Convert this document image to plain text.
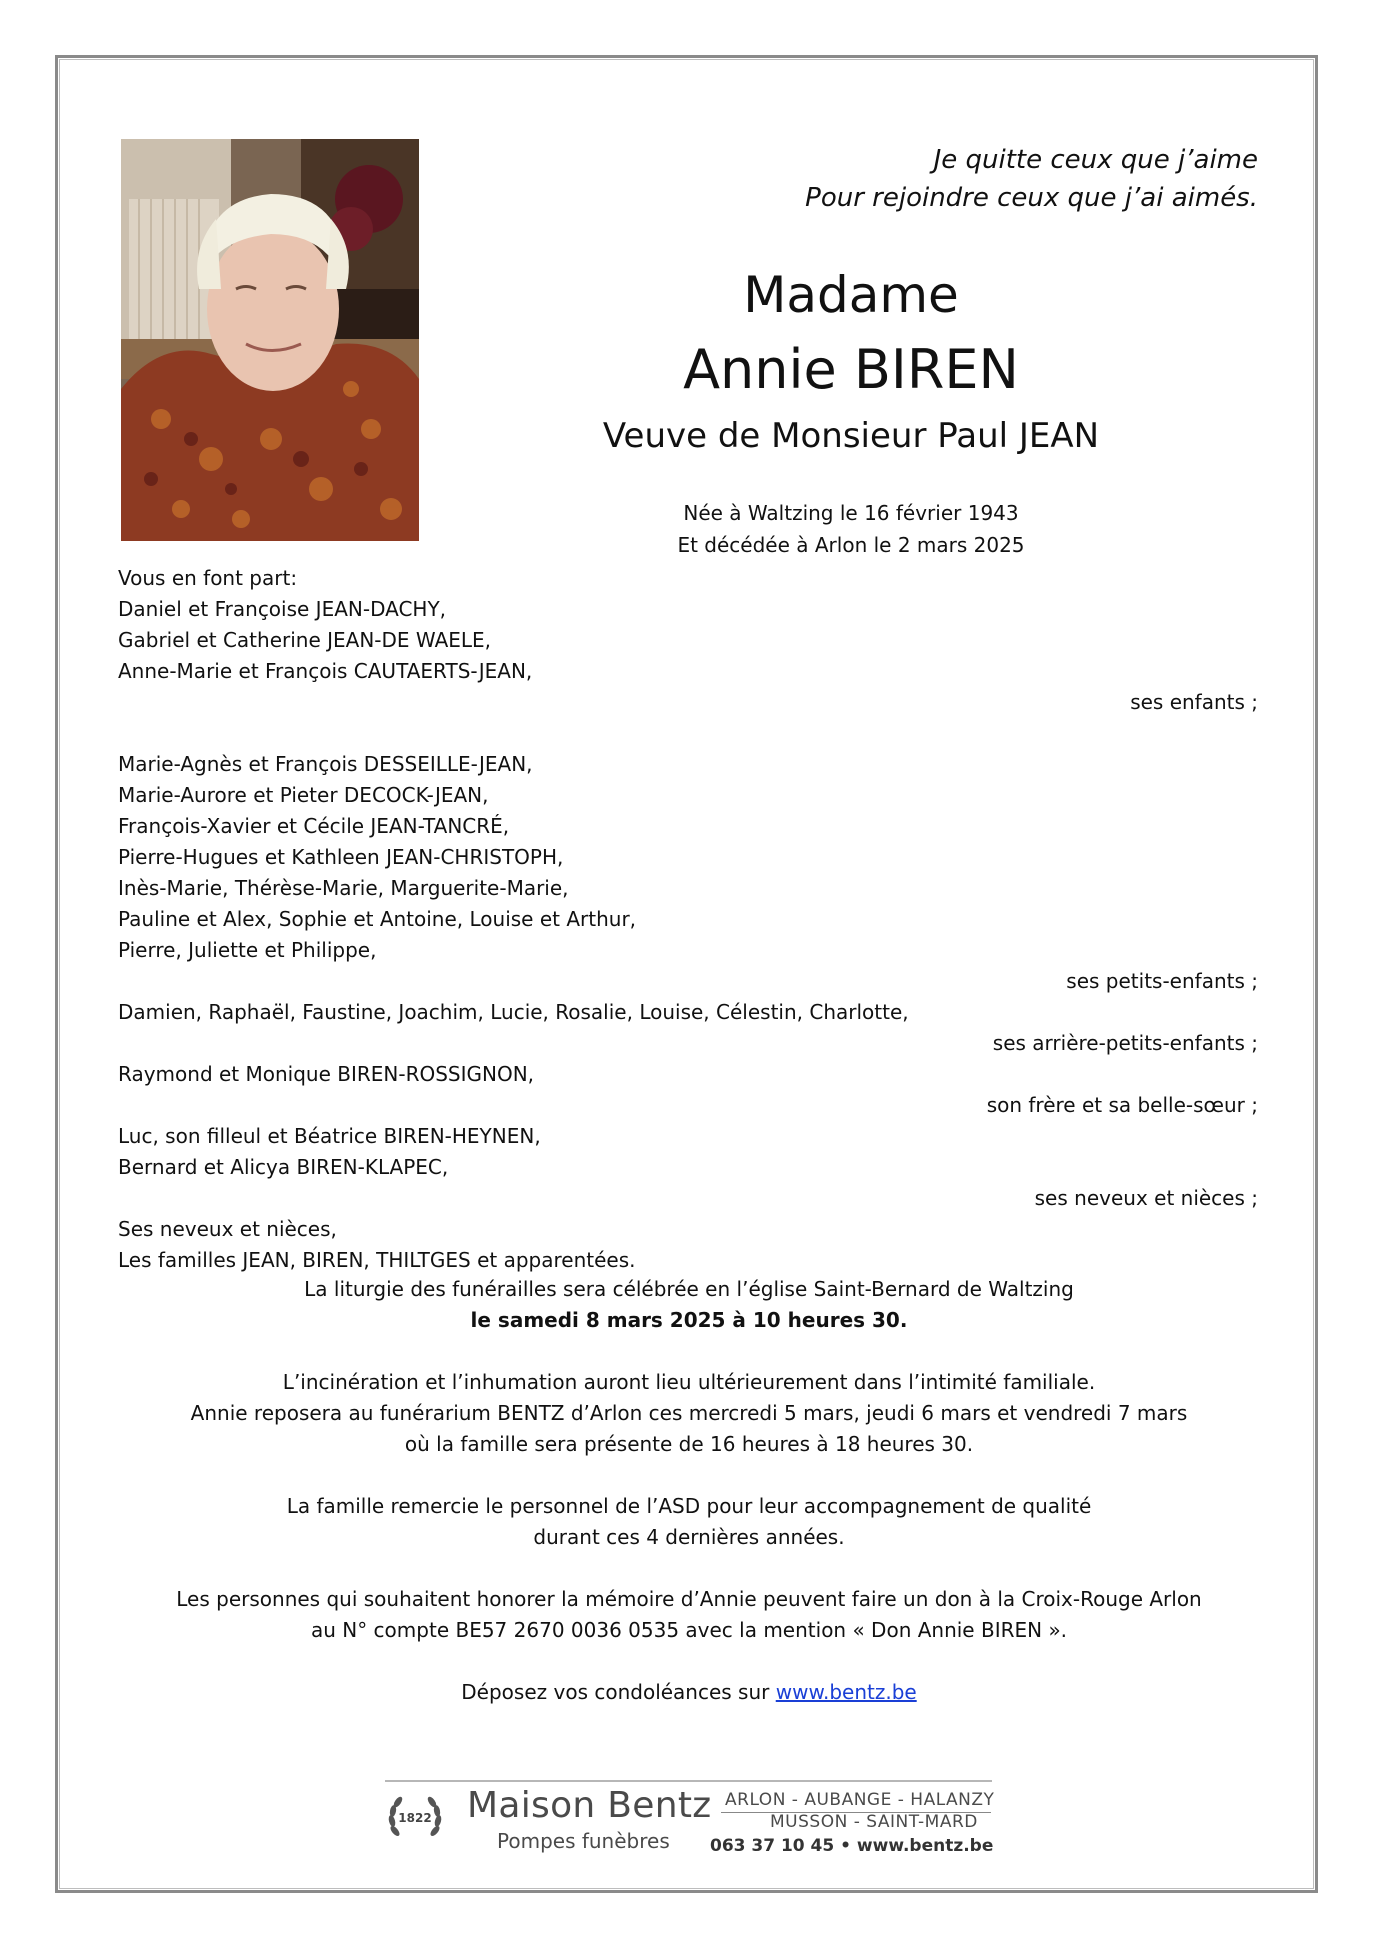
Je quitte ceux que j’aime
Pour rejoindre ceux que j’ai aimés.
Madame
Annie BIREN
Veuve de Monsieur Paul JEAN
Née à Waltzing le 16 février 1943
Et décédée à Arlon le 2 mars 2025
Vous en font part:
Daniel et Françoise JEAN-DACHY,
Gabriel et Catherine JEAN-DE WAELE,
Anne-Marie et François CAUTAERTS-JEAN,
ses enfants ;
Marie-Agnès et François DESSEILLE-JEAN,
Marie-Aurore et Pieter DECOCK-JEAN,
François-Xavier et Cécile JEAN-TANCRÉ,
Pierre-Hugues et Kathleen JEAN-CHRISTOPH,
Inès-Marie, Thérèse-Marie, Marguerite-Marie,
Pauline et Alex, Sophie et Antoine, Louise et Arthur,
Pierre, Juliette et Philippe,
ses petits-enfants ;
Damien, Raphaël, Faustine, Joachim, Lucie, Rosalie, Louise, Célestin, Charlotte,
ses arrière-petits-enfants ;
Raymond et Monique BIREN-ROSSIGNON,
son frère et sa belle-sœur ;
Luc, son filleul et Béatrice BIREN-HEYNEN,
Bernard et Alicya BIREN-KLAPEC,
ses neveux et nièces ;
Ses neveux et nièces,
Les familles JEAN, BIREN, THILTGES et apparentées.
La liturgie des funérailles sera célébrée en l’église Saint-Bernard de Waltzing
le samedi 8 mars 2025 à 10 heures 30.
L’incinération et l’inhumation auront lieu ultérieurement dans l’intimité familiale.
Annie reposera au funérarium BENTZ d’Arlon ces mercredi 5 mars, jeudi 6 mars et vendredi 7 mars
où la famille sera présente de 16 heures à 18 heures 30.
La famille remercie le personnel de l’ASD pour leur accompagnement de qualité
durant ces 4 dernières années.
Les personnes qui souhaitent honorer la mémoire d’Annie peuvent faire un don à la Croix-Rouge Arlon
au N° compte BE57 2670 0036 0535 avec la mention « Don Annie BIREN ».
Déposez vos condoléances sur www.bentz.be
1822 Maison Bentz
Pompes funèbres
ARLON - AUBANGE - HALANZY
MUSSON - SAINT-MARD
063 37 10 45 • www.bentz.be
